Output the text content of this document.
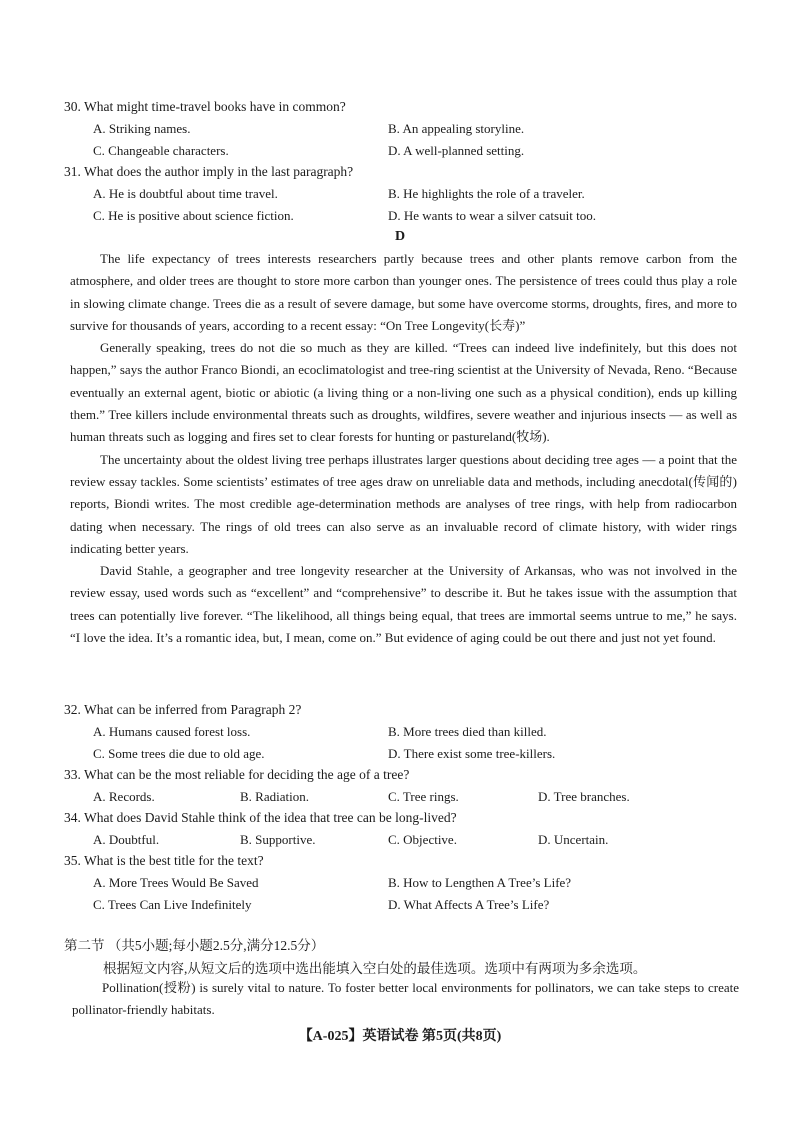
30. What might time-travel books have in common?
A. Striking names.	B. An appealing storyline.
C. Changeable characters.	D. A well-planned setting.
31. What does the author imply in the last paragraph?
A. He is doubtful about time travel.	B. He highlights the role of a traveler.
C. He is positive about science fiction.	D. He wants to wear a silver catsuit too.
D

The life expectancy of trees interests researchers partly because trees and other plants remove carbon from the atmosphere, and older trees are thought to store more carbon than younger ones. The persistence of trees could thus play a role in slowing climate change. Trees die as a result of severe damage, but some have overcome storms, droughts, fires, and more to survive for thousands of years, according to a recent essay: “On Tree Longevity(长寿)”

Generally speaking, trees do not die so much as they are killed. “Trees can indeed live indefinitely, but this does not happen,” says the author Franco Biondi, an ecoclimatologist and tree-ring scientist at the University of Nevada, Reno. “Because eventually an external agent, biotic or abiotic (a living thing or a non-living one such as a physical condition), ends up killing them.” Tree killers include environmental threats such as droughts, wildfires, severe weather and injurious insects — as well as human threats such as logging and fires set to clear forests for hunting or pastureland(牧场).

The uncertainty about the oldest living tree perhaps illustrates larger questions about deciding tree ages — a point that the review essay tackles. Some scientists’ estimates of tree ages draw on unreliable data and methods, including anecdotal(传闻的) reports, Biondi writes. The most credible age-determination methods are analyses of tree rings, with help from radiocarbon dating when necessary. The rings of old trees can also serve as an invaluable record of climate history, with wider rings indicating better years.

David Stahle, a geographer and tree longevity researcher at the University of Arkansas, who was not involved in the review essay, used words such as “excellent” and “comprehensive” to describe it. But he takes issue with the assumption that trees can potentially live forever. “The likelihood, all things being equal, that trees are immortal seems untrue to me,” he says. “I love the idea. It’s a romantic idea, but, I mean, come on.” But evidence of aging could be out there and just not yet found.

32. What can be inferred from Paragraph 2?
A. Humans caused forest loss.	B. More trees died than killed.
C. Some trees die due to old age.	D. There exist some tree-killers.
33. What can be the most reliable for deciding the age of a tree?
A. Records.	B. Radiation.	C. Tree rings.	D. Tree branches.
34. What does David Stahle think of the idea that tree can be long-lived?
A. Doubtful.	B. Supportive.	C. Objective.	D. Uncertain.
35. What is the best title for the text?
A. More Trees Would Be Saved	B. How to Lengthen A Tree’s Life?
C. Trees Can Live Indefinitely	D. What Affects A Tree’s Life?
第二节 （共5小题;每小题2.5分,满分12.5分）
根据短文内容,从短文后的选项中选出能填入空白处的最佳选项。选项中有两项为多余选项。

Pollination(授粉) is surely vital to nature. To foster better local environments for pollinators, we can take steps to create pollinator-friendly habitats.

【A-025】英语试卷 第5页(共8页)
